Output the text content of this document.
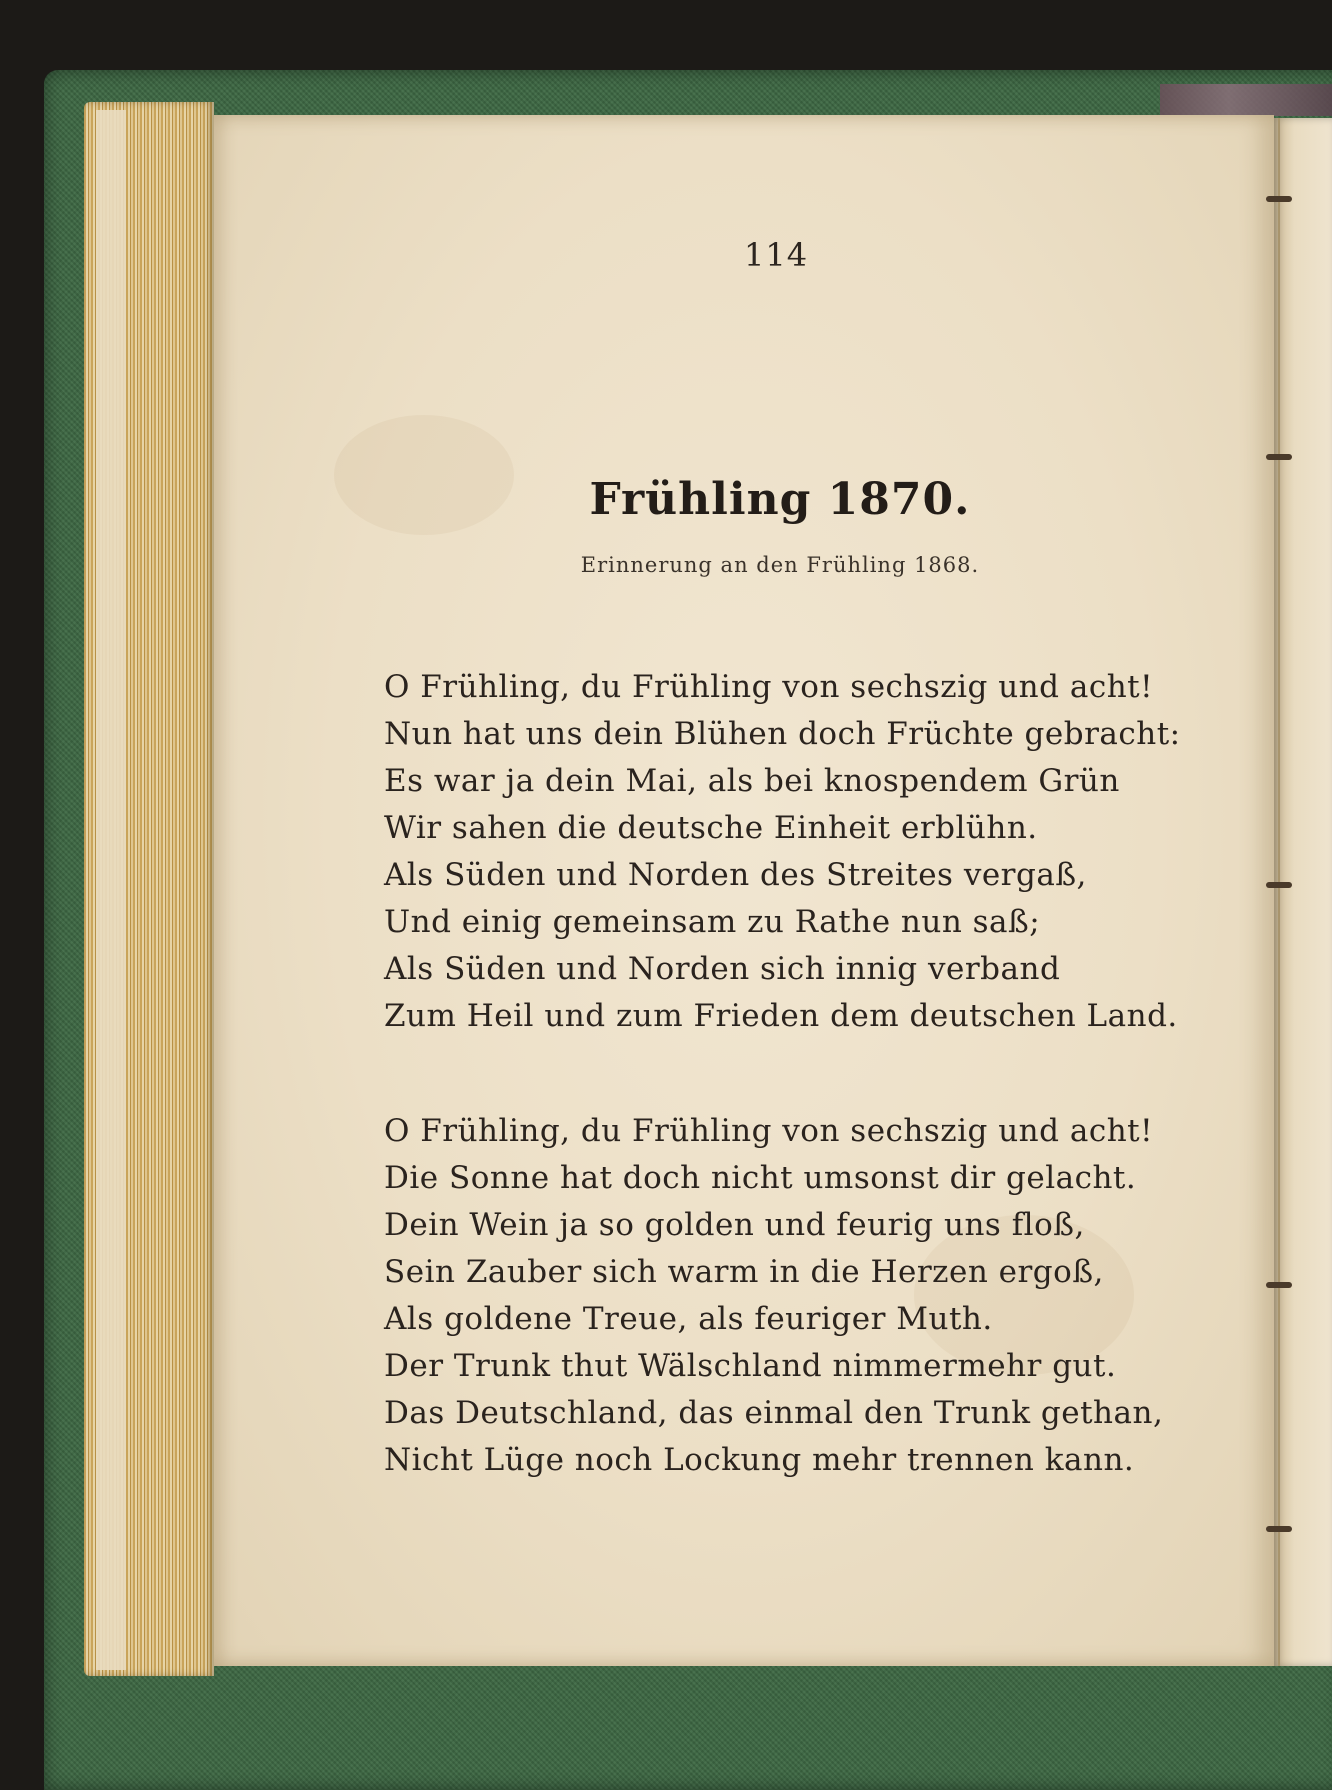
114
Frühling 1870.
Erinnerung an den Frühling 1868.
O Frühling, du Frühling von sechszig und acht!
Nun hat uns dein Blühen doch Früchte gebracht:
Es war ja dein Mai, als bei knospendem Grün
Wir sahen die deutsche Einheit erblühn.
Als Süden und Norden des Streites vergaß,
Und einig gemeinsam zu Rathe nun saß;
Als Süden und Norden sich innig verband
Zum Heil und zum Frieden dem deutschen Land.
O Frühling, du Frühling von sechszig und acht!
Die Sonne hat doch nicht umsonst dir gelacht.
Dein Wein ja so golden und feurig uns floß,
Sein Zauber sich warm in die Herzen ergoß,
Als goldene Treue, als feuriger Muth.
Der Trunk thut Wälschland nimmermehr gut.
Das Deutschland, das einmal den Trunk gethan,
Nicht Lüge noch Lockung mehr trennen kann.
